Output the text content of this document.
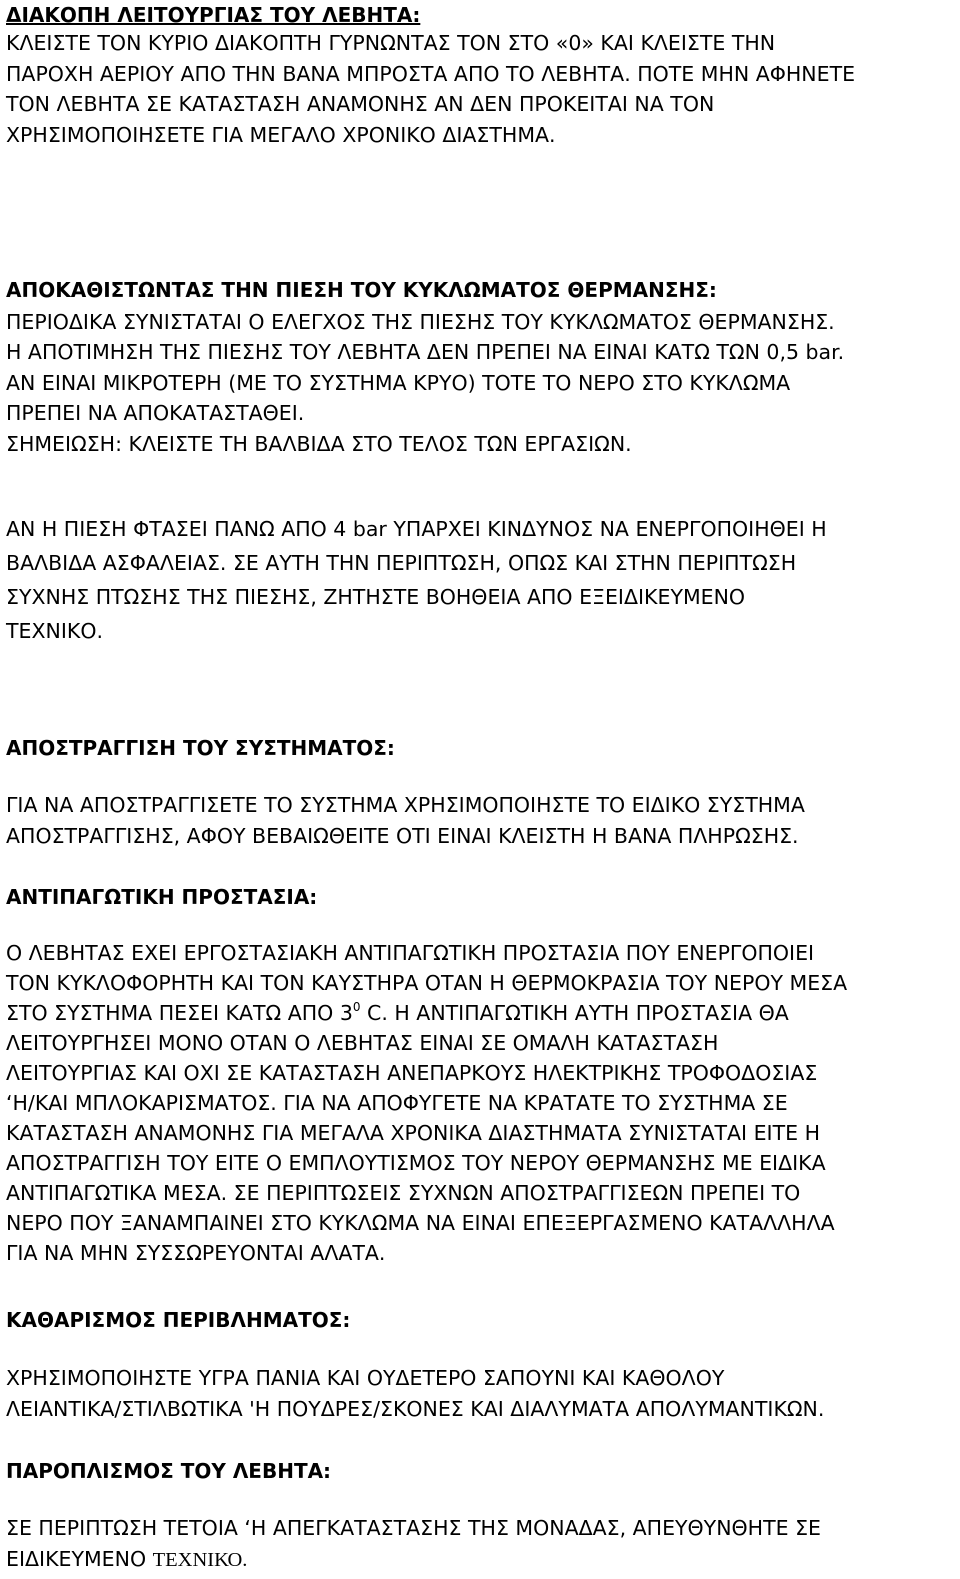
ΔΙΑΚΟΠΗ ΛΕΙΤΟΥΡΓΙΑΣ ΤΟΥ ΛΕΒΗΤΑ:

ΚΛΕΙΣΤΕ ΤΟΝ ΚΥΡΙΟ ΔΙΑΚΟΠΤΗ ΓΥΡΝΩΝΤΑΣ ΤΟΝ ΣΤΟ «0» ΚΑΙ ΚΛΕΙΣΤΕ ΤΗΝ
ΠΑΡΟΧΗ ΑΕΡΙΟΥ ΑΠΟ ΤΗΝ ΒΑΝΑ ΜΠΡΟΣΤΑ ΑΠΟ ΤΟ ΛΕΒΗΤΑ. ΠΟΤΕ ΜΗΝ ΑΦΗΝΕΤΕ
ΤΟΝ ΛΕΒΗΤΑ ΣΕ ΚΑΤΑΣΤΑΣΗ ΑΝΑΜΟΝΗΣ ΑΝ ΔΕΝ ΠΡΟΚΕΙΤΑΙ ΝΑ ΤΟΝ
ΧΡΗΣΙΜΟΠΟΙΗΣΕΤΕ ΓΙΑ ΜΕΓΑΛΟ ΧΡΟΝΙΚΟ ΔΙΑΣΤΗΜΑ.

ΑΠΟΚΑΘΙΣΤΩΝΤΑΣ ΤΗΝ ΠΙΕΣΗ ΤΟΥ ΚΥΚΛΩΜΑΤΟΣ ΘΕΡΜΑΝΣΗΣ:

ΠΕΡΙΟΔΙΚΑ ΣΥΝΙΣΤΑΤΑΙ Ο ΕΛΕΓΧΟΣ ΤΗΣ ΠΙΕΣΗΣ ΤΟΥ ΚΥΚΛΩΜΑΤΟΣ ΘΕΡΜΑΝΣΗΣ.
Η ΑΠΟΤΙΜΗΣΗ ΤΗΣ ΠΙΕΣΗΣ ΤΟΥ ΛΕΒΗΤΑ ΔΕΝ ΠΡΕΠΕΙ ΝΑ ΕΙΝΑΙ ΚΑΤΩ ΤΩΝ 0,5 bar.
ΑΝ ΕΙΝΑΙ ΜΙΚΡΟΤΕΡΗ (ΜΕ ΤΟ ΣΥΣΤΗΜΑ ΚΡΥΟ) ΤΟΤΕ ΤΟ ΝΕΡΟ ΣΤΟ ΚΥΚΛΩΜΑ
ΠΡΕΠΕΙ ΝΑ ΑΠΟΚΑΤΑΣΤΑΘΕΙ.
ΣΗΜΕΙΩΣΗ: ΚΛΕΙΣΤΕ ΤΗ ΒΑΛΒΙΔΑ ΣΤΟ ΤΕΛΟΣ ΤΩΝ ΕΡΓΑΣΙΩΝ.

ΑΝ Η ΠΙΕΣΗ ΦΤΑΣΕΙ ΠΑΝΩ ΑΠΟ 4 bar ΥΠΑΡΧΕΙ ΚΙΝΔΥΝΟΣ ΝΑ ΕΝΕΡΓΟΠΟΙΗΘΕΙ Η
ΒΑΛΒΙΔΑ ΑΣΦΑΛΕΙΑΣ. ΣΕ ΑΥΤΗ ΤΗΝ ΠΕΡΙΠΤΩΣΗ, ΟΠΩΣ ΚΑΙ ΣΤΗΝ ΠΕΡΙΠΤΩΣΗ
ΣΥΧΝΗΣ ΠΤΩΣΗΣ ΤΗΣ ΠΙΕΣΗΣ, ΖΗΤΗΣΤΕ ΒΟΗΘΕΙΑ ΑΠΟ ΕΞΕΙΔΙΚΕΥΜΕΝΟ
ΤΕΧΝΙΚΟ.

ΑΠΟΣΤΡΑΓΓΙΣΗ ΤΟΥ ΣΥΣΤΗΜΑΤΟΣ:

ΓΙΑ ΝΑ ΑΠΟΣΤΡΑΓΓΙΣΕΤΕ ΤΟ ΣΥΣΤΗΜΑ ΧΡΗΣΙΜΟΠΟΙΗΣΤΕ ΤΟ ΕΙΔΙΚΟ ΣΥΣΤΗΜΑ
ΑΠΟΣΤΡΑΓΓΙΣΗΣ, ΑΦΟΥ ΒΕΒΑΙΩΘΕΙΤΕ ΟΤΙ ΕΙΝΑΙ ΚΛΕΙΣΤΗ Η ΒΑΝΑ ΠΛΗΡΩΣΗΣ.

ΑΝΤΙΠΑΓΩΤΙΚΗ ΠΡΟΣΤΑΣΙΑ:

Ο ΛΕΒΗΤΑΣ ΕΧΕΙ ΕΡΓΟΣΤΑΣΙΑΚΗ ΑΝΤΙΠΑΓΩΤΙΚΗ ΠΡΟΣΤΑΣΙΑ ΠΟΥ ΕΝΕΡΓΟΠΟΙΕΙ
ΤΟΝ ΚΥΚΛΟΦΟΡΗΤΗ ΚΑΙ ΤΟΝ ΚΑΥΣΤΗΡΑ ΟΤΑΝ Η ΘΕΡΜΟΚΡΑΣΙΑ ΤΟΥ ΝΕΡΟΥ ΜΕΣΑ
ΣΤΟ ΣΥΣΤΗΜΑ ΠΕΣΕΙ ΚΑΤΩ ΑΠΟ $3^0$ C. Η ΑΝΤΙΠΑΓΩΤΙΚΗ ΑΥΤΗ ΠΡΟΣΤΑΣΙΑ ΘΑ
ΛΕΙΤΟΥΡΓΗΣΕΙ ΜΟΝΟ ΟΤΑΝ Ο ΛΕΒΗΤΑΣ ΕΙΝΑΙ ΣΕ ΟΜΑΛΗ ΚΑΤΑΣΤΑΣΗ
ΛΕΙΤΟΥΡΓΙΑΣ ΚΑΙ ΟΧΙ ΣΕ ΚΑΤΑΣΤΑΣΗ ΑΝΕΠΑΡΚΟΥΣ ΗΛΕΚΤΡΙΚΗΣ ΤΡΟΦΟΔΟΣΙΑΣ
‘Η/ΚΑΙ ΜΠΛΟΚΑΡΙΣΜΑΤΟΣ. ΓΙΑ ΝΑ ΑΠΟΦΥΓΕΤΕ ΝΑ ΚΡΑΤΑΤΕ ΤΟ ΣΥΣΤΗΜΑ ΣΕ
ΚΑΤΑΣΤΑΣΗ ΑΝΑΜΟΝΗΣ ΓΙΑ ΜΕΓΑΛΑ ΧΡΟΝΙΚΑ ΔΙΑΣΤΗΜΑΤΑ ΣΥΝΙΣΤΑΤΑΙ ΕΙΤΕ Η
ΑΠΟΣΤΡΑΓΓΙΣΗ ΤΟΥ ΕΙΤΕ Ο ΕΜΠΛΟΥΤΙΣΜΟΣ ΤΟΥ ΝΕΡΟΥ ΘΕΡΜΑΝΣΗΣ ΜΕ ΕΙΔΙΚΑ
ΑΝΤΙΠΑΓΩΤΙΚΑ ΜΕΣΑ. ΣΕ ΠΕΡΙΠΤΩΣΕΙΣ ΣΥΧΝΩΝ ΑΠΟΣΤΡΑΓΓΙΣΕΩΝ ΠΡΕΠΕΙ ΤΟ
ΝΕΡΟ ΠΟΥ ΞΑΝΑΜΠΑΙΝΕΙ ΣΤΟ ΚΥΚΛΩΜΑ ΝΑ ΕΙΝΑΙ ΕΠΕΞΕΡΓΑΣΜΕΝΟ ΚΑΤΑΛΛΗΛΑ
ΓΙΑ ΝΑ ΜΗΝ ΣΥΣΣΩΡΕΥΟΝΤΑΙ ΑΛΑΤΑ.

ΚΑΘΑΡΙΣΜΟΣ ΠΕΡΙΒΛΗΜΑΤΟΣ:

ΧΡΗΣΙΜΟΠΟΙΗΣΤΕ ΥΓΡΑ ΠΑΝΙΑ ΚΑΙ ΟΥΔΕΤΕΡΟ ΣΑΠΟΥΝΙ ΚΑΙ ΚΑΘΟΛΟΥ
ΛΕΙΑΝΤΙΚΑ/ΣΤΙΛΒΩΤΙΚΑ 'Η ΠΟΥΔΡΕΣ/ΣΚΟΝΕΣ ΚΑΙ ΔΙΑΛΥΜΑΤΑ ΑΠΟΛΥΜΑΝΤΙΚΩΝ.

ΠΑΡΟΠΛΙΣΜΟΣ ΤΟΥ ΛΕΒΗΤΑ:

ΣΕ ΠΕΡΙΠΤΩΣΗ ΤΕΤΟΙΑ ‘Η ΑΠΕΓΚΑΤΑΣΤΑΣΗΣ ΤΗΣ ΜΟΝΑΔΑΣ, ΑΠΕΥΘΥΝΘΗΤΕ ΣΕ
ΕΙΔΙΚΕΥΜΕΝΟ ΤΕΧΝΙΚΟ.
